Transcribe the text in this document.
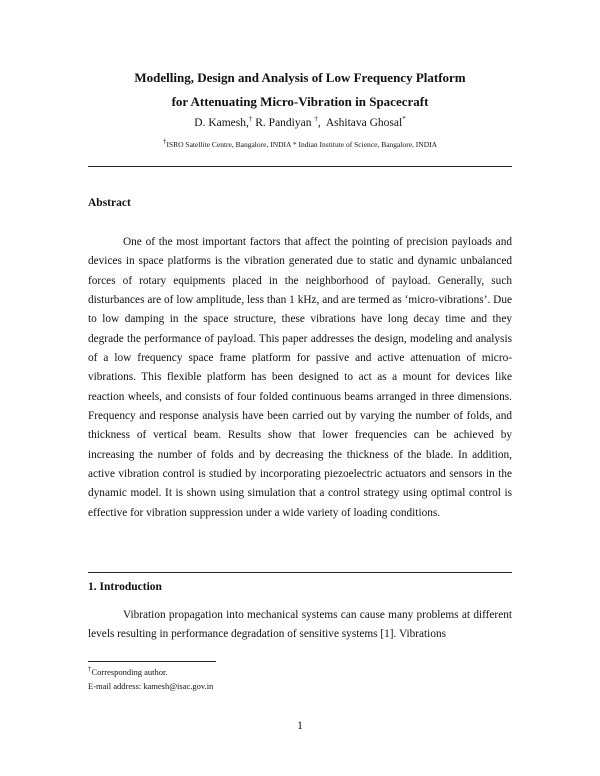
Modelling, Design and Analysis of Low Frequency Platform
for Attenuating Micro-Vibration in Spacecraft
D. Kamesh,† R. Pandiyan †, Ashitava Ghosal*
†ISRO Satellite Centre, Bangalore, INDIA * Indian Institute of Science, Bangalore, INDIA
Abstract
One of the most important factors that affect the pointing of precision payloads and devices in space platforms is the vibration generated due to static and dynamic unbalanced forces of rotary equipments placed in the neighborhood of payload. Generally, such disturbances are of low amplitude, less than 1 kHz, and are termed as ‘micro-vibrations’. Due to low damping in the space structure, these vibrations have long decay time and they degrade the performance of payload. This paper addresses the design, modeling and analysis of a low frequency space frame platform for passive and active attenuation of micro-vibrations. This flexible platform has been designed to act as a mount for devices like reaction wheels, and consists of four folded continuous beams arranged in three dimensions. Frequency and response analysis have been carried out by varying the number of folds, and thickness of vertical beam. Results show that lower frequencies can be achieved by increasing the number of folds and by decreasing the thickness of the blade. In addition, active vibration control is studied by incorporating piezoelectric actuators and sensors in the dynamic model. It is shown using simulation that a control strategy using optimal control is effective for vibration suppression under a wide variety of loading conditions.
1. Introduction
Vibration propagation into mechanical systems can cause many problems at different levels resulting in performance degradation of sensitive systems [1]. Vibrations
†Corresponding author.
E-mail address: kamesh@isac.gov.in
1
